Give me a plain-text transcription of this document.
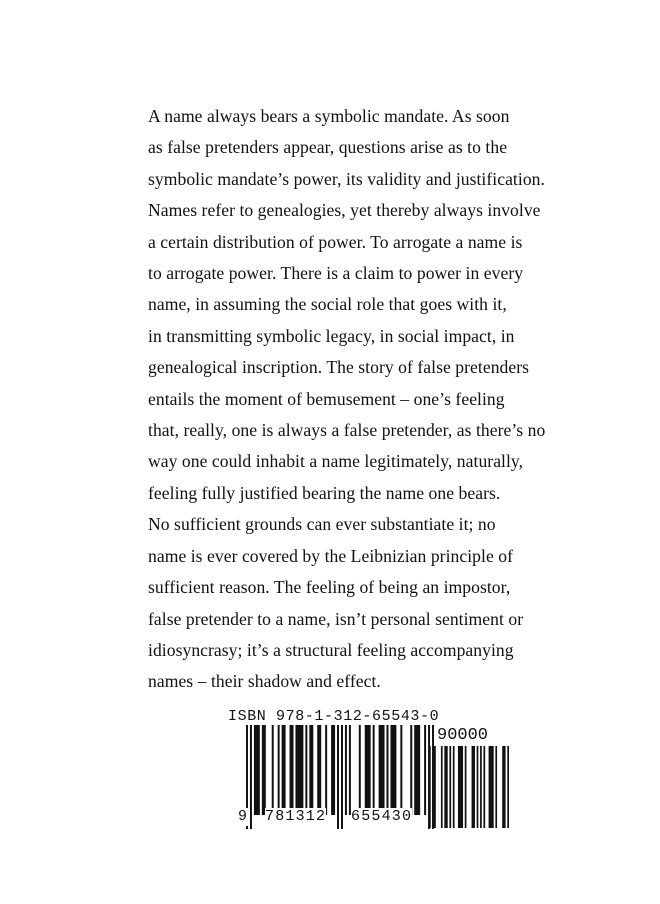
A name always bears a symbolic mandate. As soon
as false pretenders appear, questions arise as to the
symbolic mandate’s power, its validity and justification.
Names refer to genealogies, yet thereby always involve
a certain distribution of power. To arrogate a name is
to arrogate power. There is a claim to power in every
name, in assuming the social role that goes with it,
in transmitting symbolic legacy, in social impact, in
genealogical inscription. The story of false pretenders
entails the moment of bemusement – one’s feeling
that, really, one is always a false pretender, as there’s no
way one could inhabit a name legitimately, naturally,
feeling fully justified bearing the name one bears.
No sufficient grounds can ever substantiate it; no
name is ever covered by the Leibnizian principle of
sufficient reason. The feeling of being an impostor,
false pretender to a name, isn’t personal sentiment or
idiosyncrasy; it’s a structural feeling accompanying
names – their shadow and effect.
ISBN 978-1-312-65543-0
90000
9 781312 655430
